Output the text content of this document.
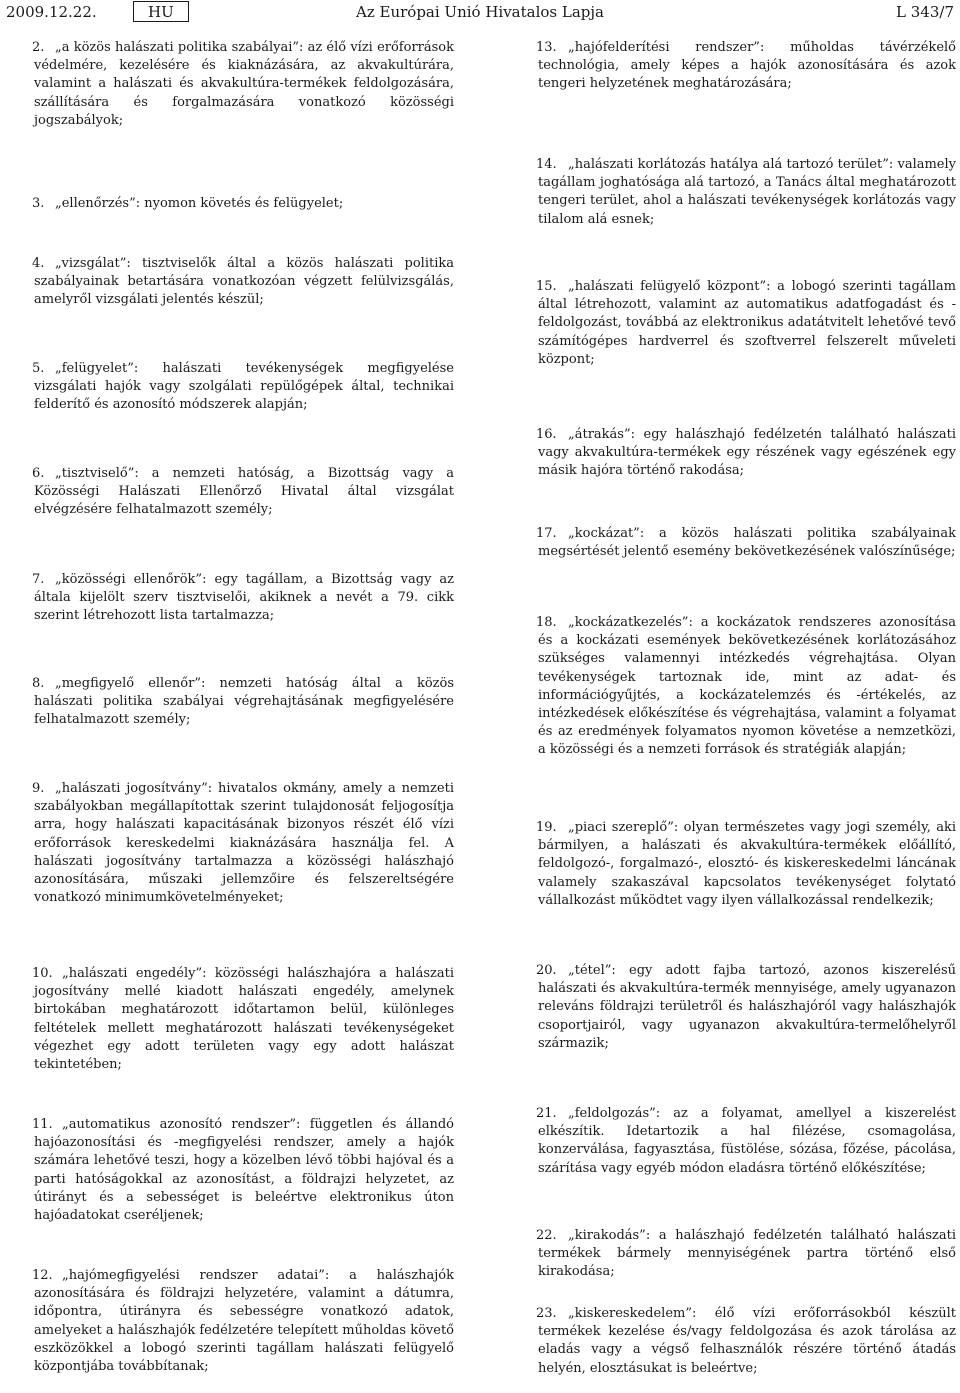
2009.12.22.	HU	Az Európai Unió Hivatalos Lapja	L 343/7
2. „a közös halászati politika szabályai”: az élő vízi erőforrások védelmére, kezelésére és kiaknázására, az akvakultúrára, valamint a halászati és akvakultúra-termékek feldolgozására, szállítására és forgalmazására vonatkozó közösségi jogszabályok;
3. „ellenőrzés”: nyomon követés és felügyelet;
4. „vizsgálat”: tisztviselők által a közös halászati politika szabályainak betartására vonatkozóan végzett felülvizsgálás, amelyről vizsgálati jelentés készül;
5. „felügyelet”: halászati tevékenységek megfigyelése vizsgálati hajók vagy szolgálati repülőgépek által, technikai felderítő és azonosító módszerek alapján;
6. „tisztviselő”: a nemzeti hatóság, a Bizottság vagy a Közösségi Halászati Ellenőrző Hivatal által vizsgálat elvégzésére felhatalmazott személy;
7. „közösségi ellenőrök”: egy tagállam, a Bizottság vagy az általa kijelölt szerv tisztviselői, akiknek a nevét a 79. cikk szerint létrehozott lista tartalmazza;
8. „megfigyelő ellenőr”: nemzeti hatóság által a közös halászati politika szabályai végrehajtásának megfigyelésére felhatalmazott személy;
9. „halászati jogosítvány”: hivatalos okmány, amely a nemzeti szabályokban megállapítottak szerint tulajdonosát feljogosítja arra, hogy halászati kapacitásának bizonyos részét élő vízi erőforrások kereskedelmi kiaknázására használja fel. A halászati jogosítvány tartalmazza a közösségi halászhajó azonosítására, műszaki jellemzőire és felszereltségére vonatkozó minimumkövetelményeket;
10. „halászati engedély”: közösségi halászhajóra a halászati jogosítvány mellé kiadott halászati engedély, amelynek birtokában meghatározott időtartamon belül, különleges feltételek mellett meghatározott halászati tevékenységeket végezhet egy adott területen vagy egy adott halászat tekintetében;
11. „automatikus azonosító rendszer”: független és állandó hajóazonosítási és -megfigyelési rendszer, amely a hajók számára lehetővé teszi, hogy a közelben lévő többi hajóval és a parti hatóságokkal az azonosítást, a földrajzi helyzetet, az útirányt és a sebességet is beleértve elektronikus úton hajóadatokat cseréljenek;
12. „hajómegfigyelési rendszer adatai”: a halászhajók azonosítására és földrajzi helyzetére, valamint a dátumra, időpontra, útirányra és sebességre vonatkozó adatok, amelyeket a halászhajók fedélzetére telepített műholdas követő eszközökkel a lobogó szerinti tagállam halászati felügyelő központjába továbbítanak;
13. „hajófelderítési rendszer”: műholdas távérzékelő technológia, amely képes a hajók azonosítására és azok tengeri helyzetének meghatározására;
14. „halászati korlátozás hatálya alá tartozó terület”: valamely tagállam joghatósága alá tartozó, a Tanács által meghatározott tengeri terület, ahol a halászati tevékenységek korlátozás vagy tilalom alá esnek;
15. „halászati felügyelő központ”: a lobogó szerinti tagállam által létrehozott, valamint az automatikus adatfogadást és -feldolgozást, továbbá az elektronikus adatátvitelt lehetővé tevő számítógépes hardverrel és szoftverrel felszerelt műveleti központ;
16. „átrakás”: egy halászhajó fedélzetén található halászati vagy akvakultúra-termékek egy részének vagy egészének egy másik hajóra történő rakodása;
17. „kockázat”: a közös halászati politika szabályainak megsértését jelentő esemény bekövetkezésének valószínűsége;
18. „kockázatkezelés”: a kockázatok rendszeres azonosítása és a kockázati események bekövetkezésének korlátozásához szükséges valamennyi intézkedés végrehajtása. Olyan tevékenységek tartoznak ide, mint az adat- és információgyűjtés, a kockázatelemzés és -értékelés, az intézkedések előkészítése és végrehajtása, valamint a folyamat és az eredmények folyamatos nyomon követése a nemzetközi, a közösségi és a nemzeti források és stratégiák alapján;
19. „piaci szereplő”: olyan természetes vagy jogi személy, aki bármilyen, a halászati és akvakultúra-termékek előállító, feldolgozó-, forgalmazó-, elosztó- és kiskereskedelmi láncának valamely szakaszával kapcsolatos tevékenységet folytató vállalkozást működtet vagy ilyen vállalkozással rendelkezik;
20. „tétel”: egy adott fajba tartozó, azonos kiszerelésű halászati és akvakultúra-termék mennyisége, amely ugyanazon releváns földrajzi területről és halászhajóról vagy halászhajók csoportjairól, vagy ugyanazon akvakultúra-termelőhelyről származik;
21. „feldolgozás”: az a folyamat, amellyel a kiszerelést elkészítik. Idetartozik a hal filézése, csomagolása, konzerválása, fagyasztása, füstölése, sózása, főzése, pácolása, szárítása vagy egyéb módon eladásra történő előkészítése;
22. „kirakodás”: a halászhajó fedélzetén található halászati termékek bármely mennyiségének partra történő első kirakodása;
23. „kiskereskedelem”: élő vízi erőforrásokból készült termékek kezelése és/vagy feldolgozása és azok tárolása az eladás vagy a végső felhasználók részére történő átadás helyén, elosztásukat is beleértve;
